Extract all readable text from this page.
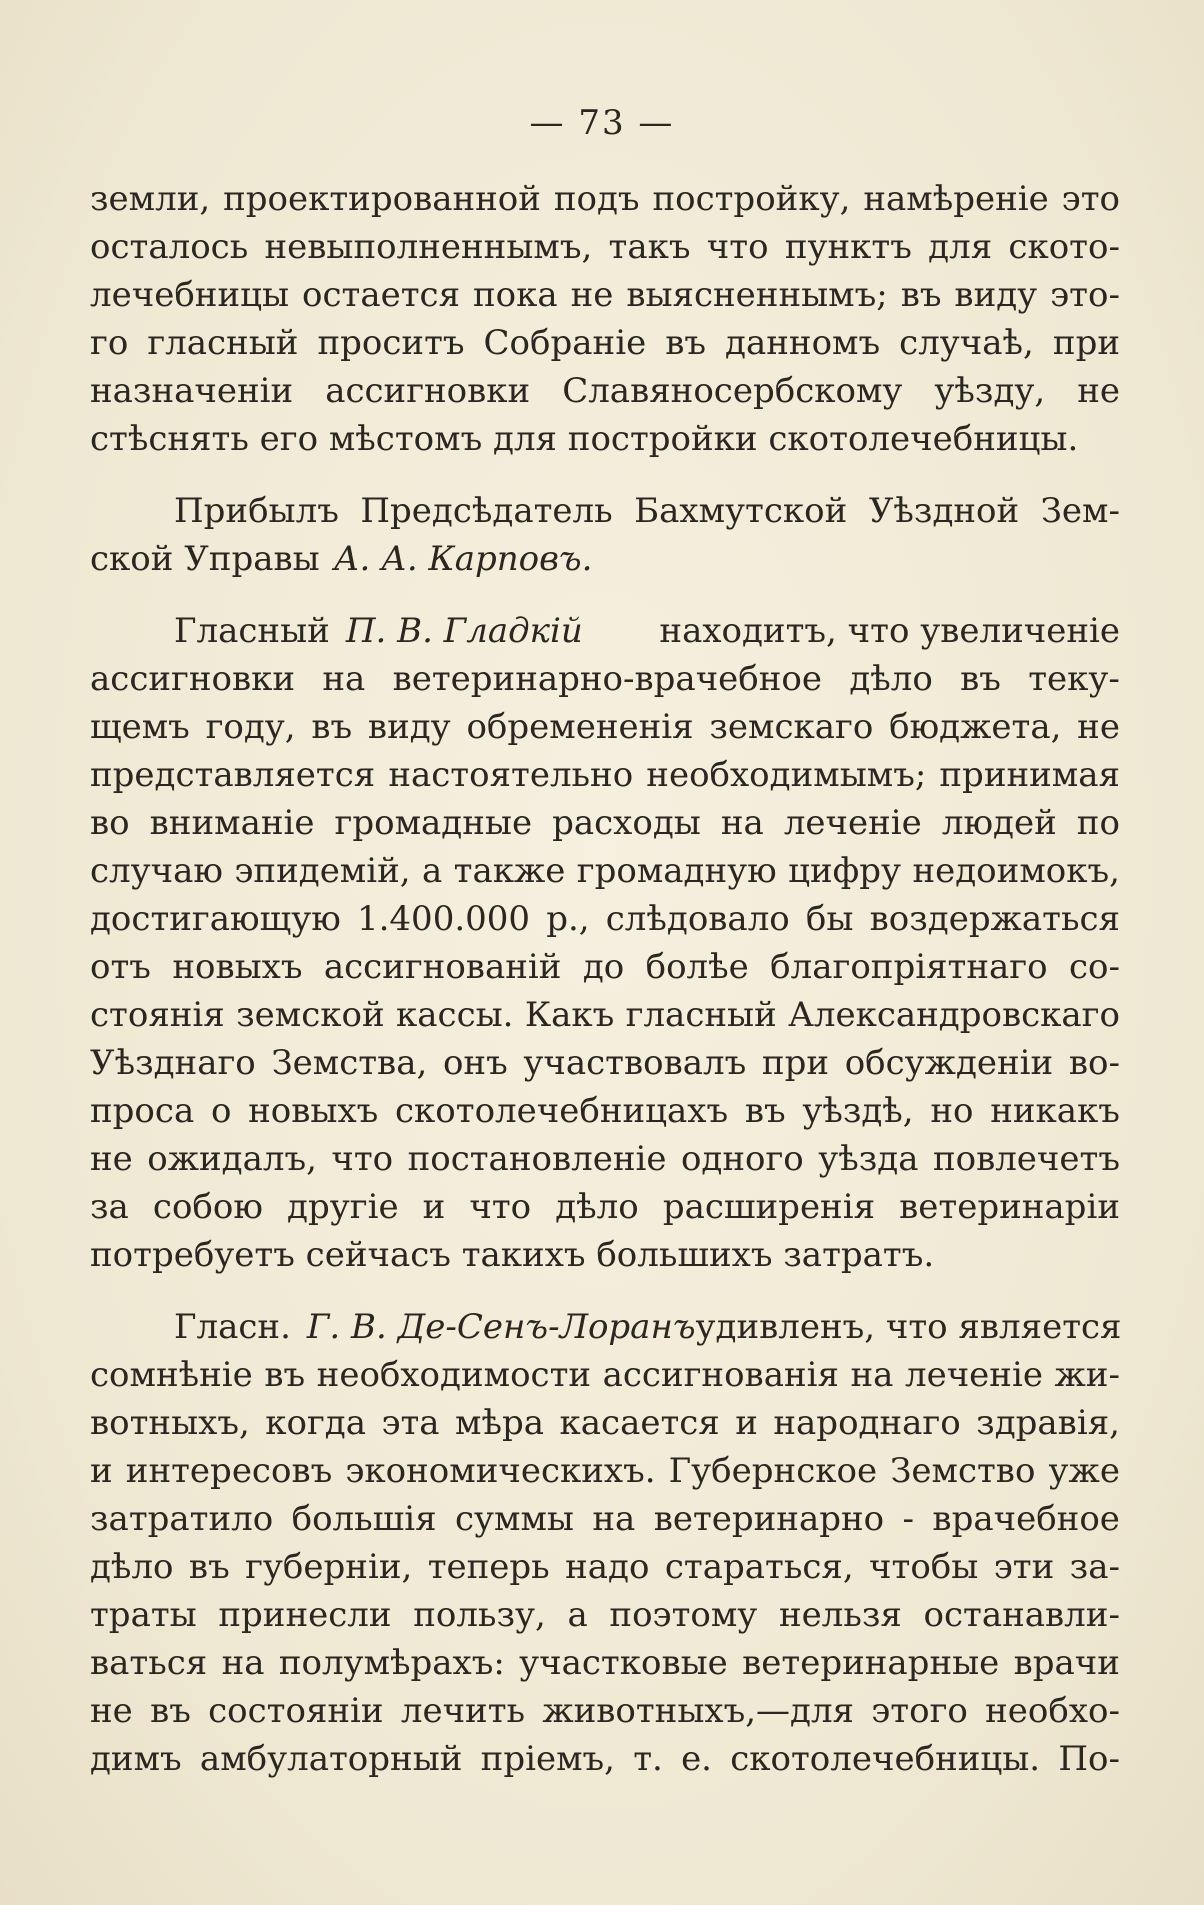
— 73 —
земли, проектированной подъ постройку, намѣреніе это
осталось невыполненнымъ, такъ что пунктъ для ското-
лечебницы остается пока не выясненнымъ; въ виду это-
го гласный проситъ Собраніе въ данномъ случаѣ, при
назначеніи ассигновки Славяносербскому уѣзду, не
стѣснять его мѣстомъ для постройки скотолечебницы.
Прибылъ Предсѣдатель Бахмутской Уѣздной Зем-
ской Управы А. А. Карповъ.
Гласный П. В. Гладкій находитъ, что увеличеніе
ассигновки на ветеринарно-врачебное дѣло въ теку-
щемъ году, въ виду обремененія земскаго бюджета, не
представляется настоятельно необходимымъ; принимая
во вниманіе громадные расходы на леченіе людей по
случаю эпидемій, а также громадную цифру недоимокъ,
достигающую 1.400.000 р., слѣдовало бы воздержаться
отъ новыхъ ассигнованій до болѣе благопріятнаго со-
стоянія земской кассы. Какъ гласный Александровскаго
Уѣзднаго Земства, онъ участвовалъ при обсужденіи во-
проса о новыхъ скотолечебницахъ въ уѣздѣ, но никакъ
не ожидалъ, что постановленіе одного уѣзда повлечетъ
за собою другіе и что дѣло расширенія ветеринаріи
потребуетъ сейчасъ такихъ большихъ затратъ.
Гласн. Г. В. Де-Сенъ-Лоранъ удивленъ, что является
сомнѣніе въ необходимости ассигнованія на леченіе жи-
вотныхъ, когда эта мѣра касается и народнаго здравія,
и интересовъ экономическихъ. Губернское Земство уже
затратило большія суммы на ветеринарно - врачебное
дѣло въ губерніи, теперь надо стараться, чтобы эти за-
траты принесли пользу, а поэтому нельзя останавли-
ваться на полумѣрахъ: участковые ветеринарные врачи
не въ состояніи лечить животныхъ,—для этого необхо-
димъ амбулаторный пріемъ, т. е. скотолечебницы. По-
